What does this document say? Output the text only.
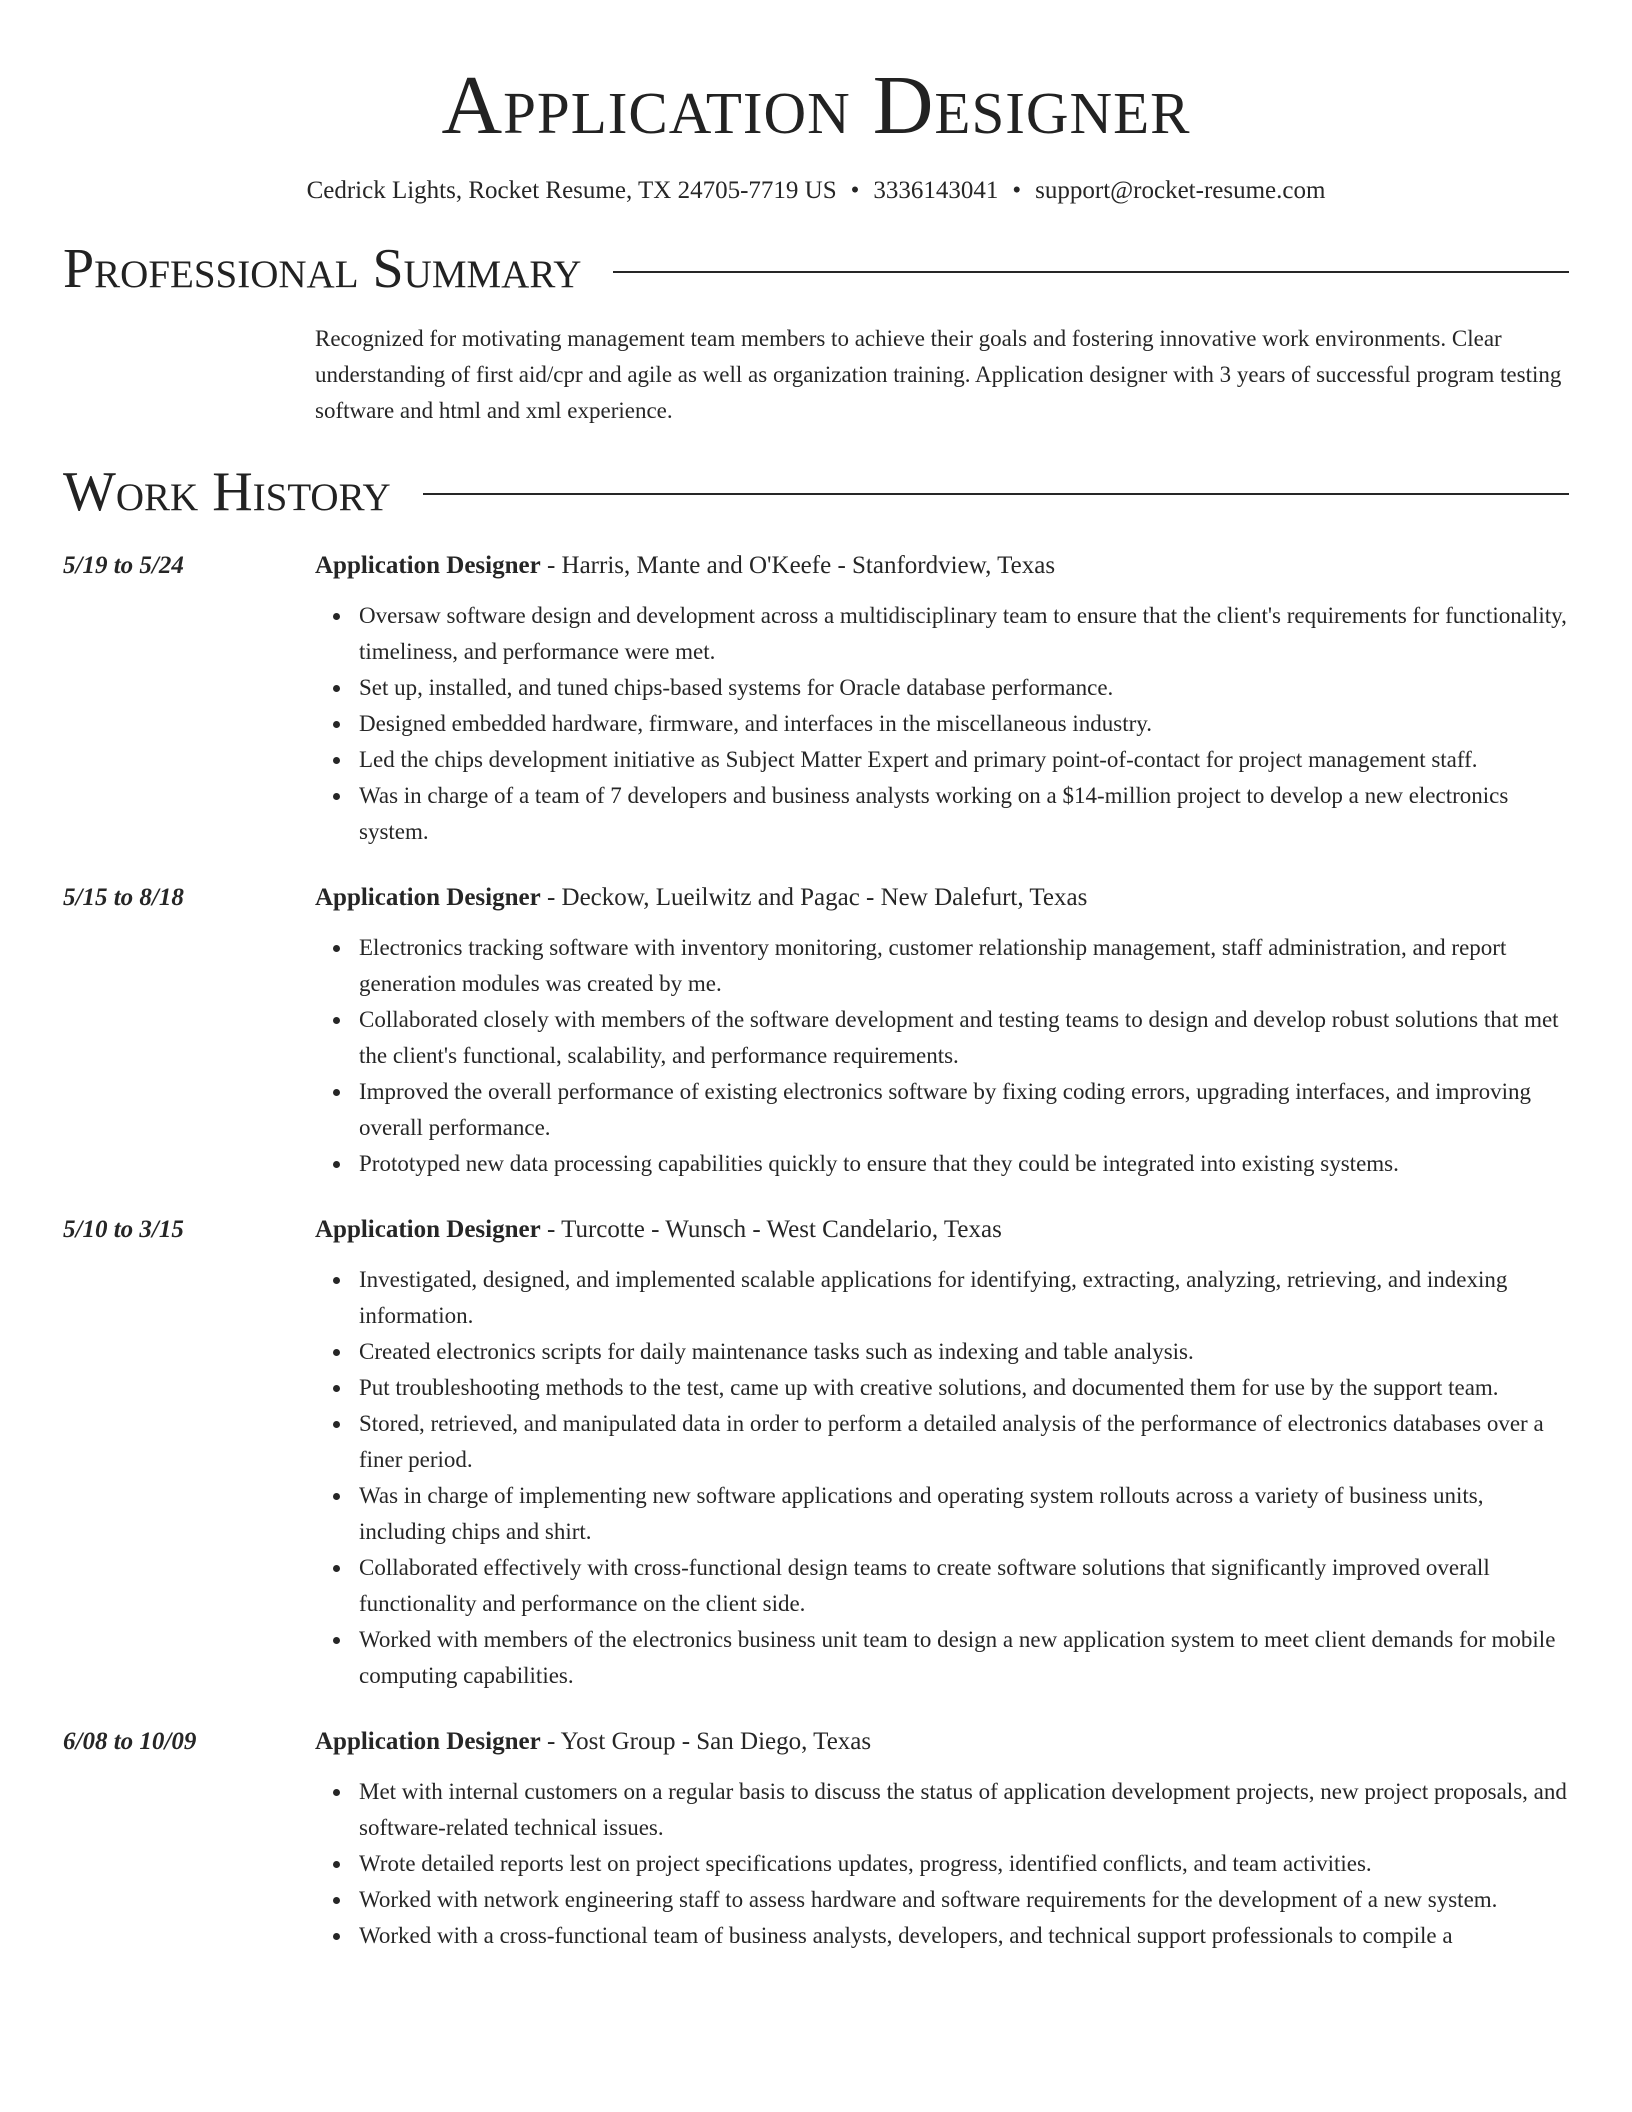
Application Designer
Cedrick Lights, Rocket Resume, TX 24705-7719 US • 3336143041 • support@rocket-resume.com
Professional Summary

Recognized for motivating management team members to achieve their goals and fostering innovative work environments. Clear understanding of first aid/cpr and agile as well as organization training. Application designer with 3 years of successful program testing software and html and xml experience.

Work History
5/19 to 5/24	Application Designer - Harris, Mante and O'Keefe - Stanfordview, Texas
Oversaw software design and development across a multidisciplinary team to ensure that the client's requirements for functionality, timeliness, and performance were met.
Set up, installed, and tuned chips-based systems for Oracle database performance.
Designed embedded hardware, firmware, and interfaces in the miscellaneous industry.
Led the chips development initiative as Subject Matter Expert and primary point-of-contact for project management staff.
Was in charge of a team of 7 developers and business analysts working on a $14-million project to develop a new electronics system.
5/15 to 8/18	Application Designer - Deckow, Lueilwitz and Pagac - New Dalefurt, Texas
Electronics tracking software with inventory monitoring, customer relationship management, staff administration, and report generation modules was created by me.
Collaborated closely with members of the software development and testing teams to design and develop robust solutions that met the client's functional, scalability, and performance requirements.
Improved the overall performance of existing electronics software by fixing coding errors, upgrading interfaces, and improving overall performance.
Prototyped new data processing capabilities quickly to ensure that they could be integrated into existing systems.
5/10 to 3/15	Application Designer - Turcotte - Wunsch - West Candelario, Texas
Investigated, designed, and implemented scalable applications for identifying, extracting, analyzing, retrieving, and indexing information.
Created electronics scripts for daily maintenance tasks such as indexing and table analysis.
Put troubleshooting methods to the test, came up with creative solutions, and documented them for use by the support team.
Stored, retrieved, and manipulated data in order to perform a detailed analysis of the performance of electronics databases over a finer period.
Was in charge of implementing new software applications and operating system rollouts across a variety of business units, including chips and shirt.
Collaborated effectively with cross-functional design teams to create software solutions that significantly improved overall functionality and performance on the client side.
Worked with members of the electronics business unit team to design a new application system to meet client demands for mobile computing capabilities.
6/08 to 10/09	Application Designer - Yost Group - San Diego, Texas
Met with internal customers on a regular basis to discuss the status of application development projects, new project proposals, and software-related technical issues.
Wrote detailed reports lest on project specifications updates, progress, identified conflicts, and team activities.
Worked with network engineering staff to assess hardware and software requirements for the development of a new system.
Worked with a cross-functional team of business analysts, developers, and technical support professionals to compile a
